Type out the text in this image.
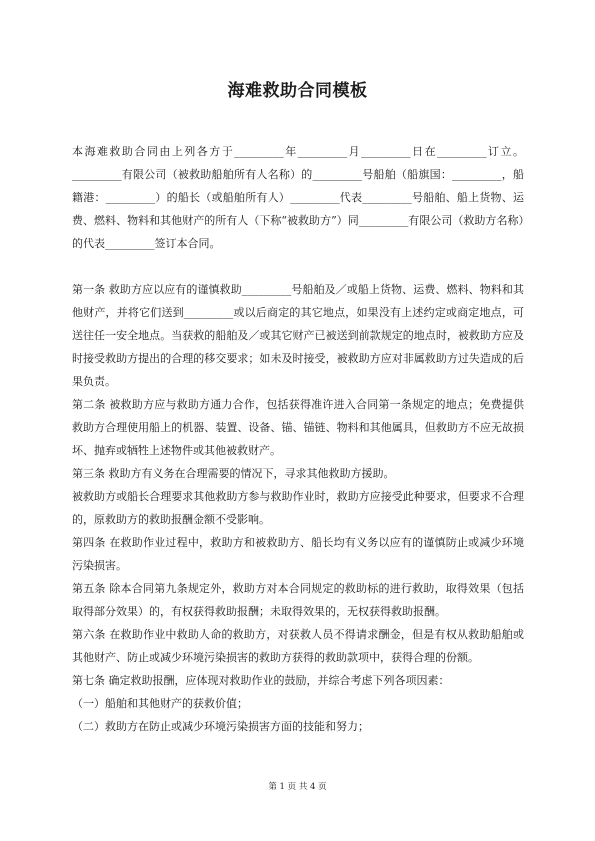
海难救助合同模板

本海难救助合同由上列各方于_________年_________月_________日在_________订立。_________有限公司（被救助船舶所有人名称）的_________号船舶（船旗国：_________，船籍港：_________）的船长（或船舶所有人）_________代表_________号船舶、船上货物、运费、燃料、物料和其他财产的所有人（下称“被救助方”）同_________有限公司（救助方名称）的代表_________签订本合同。

第一条 救助方应以应有的谨慎救助_________号船舶及／或船上货物、运费、燃料、物料和其他财产，并将它们送到_________或以后商定的其它地点，如果没有上述约定或商定地点，可送往任一安全地点。当获救的船舶及／或其它财产已被送到前款规定的地点时，被救助方应及时接受救助方提出的合理的移交要求；如未及时接受，被救助方应对非属救助方过失造成的后果负责。

第二条 被救助方应与救助方通力合作，包括获得准许进入合同第一条规定的地点；免费提供救助方合理使用船上的机器、装置、设备、锚、锚链、物料和其他属具，但救助方不应无故损坏、抛弃或牺牲上述物件或其他被救财产。

第三条 救助方有义务在合理需要的情况下，寻求其他救助方援助。

被救助方或船长合理要求其他救助方参与救助作业时，救助方应接受此种要求，但要求不合理的，原救助方的救助报酬金额不受影响。

第四条 在救助作业过程中，救助方和被救助方、船长均有义务以应有的谨慎防止或减少环境污染损害。

第五条 除本合同第九条规定外，救助方对本合同规定的救助标的进行救助，取得效果（包括取得部分效果）的，有权获得救助报酬；未取得效果的，无权获得救助报酬。

第六条 在救助作业中救助人命的救助方，对获救人员不得请求酬金，但是有权从救助船舶或其他财产、防止或减少环境污染损害的救助方获得的救助款项中，获得合理的份额。

第七条 确定救助报酬，应体现对救助作业的鼓励，并综合考虑下列各项因素：

（一）船舶和其他财产的获救价值；

（二）救助方在防止或减少环境污染损害方面的技能和努力；

第 1 页 共 4 页
